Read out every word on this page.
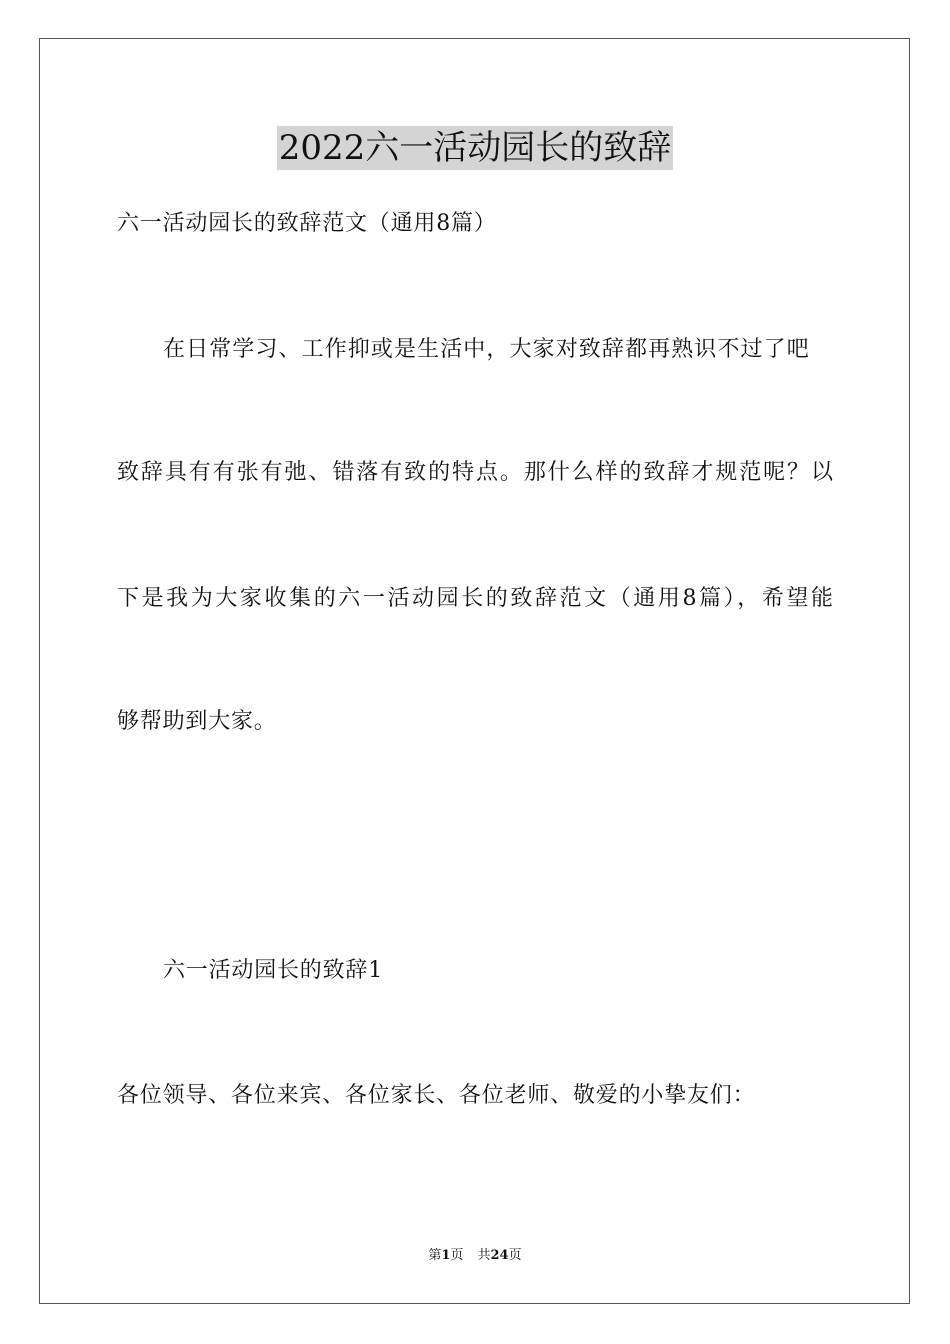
2022六一活动园长的致辞
六一活动园长的致辞范文（通用8篇）
在日常学习、工作抑或是生活中，大家对致辞都再熟识不过了吧
致辞具有有张有弛、错落有致的特点。那什么样的致辞才规范呢？以
下是我为大家收集的六一活动园长的致辞范文（通用8篇），希望能
够帮助到大家。
六一活动园长的致辞1
各位领导、各位来宾、各位家长、各位老师、敬爱的小挚友们：
第1页 共24页
